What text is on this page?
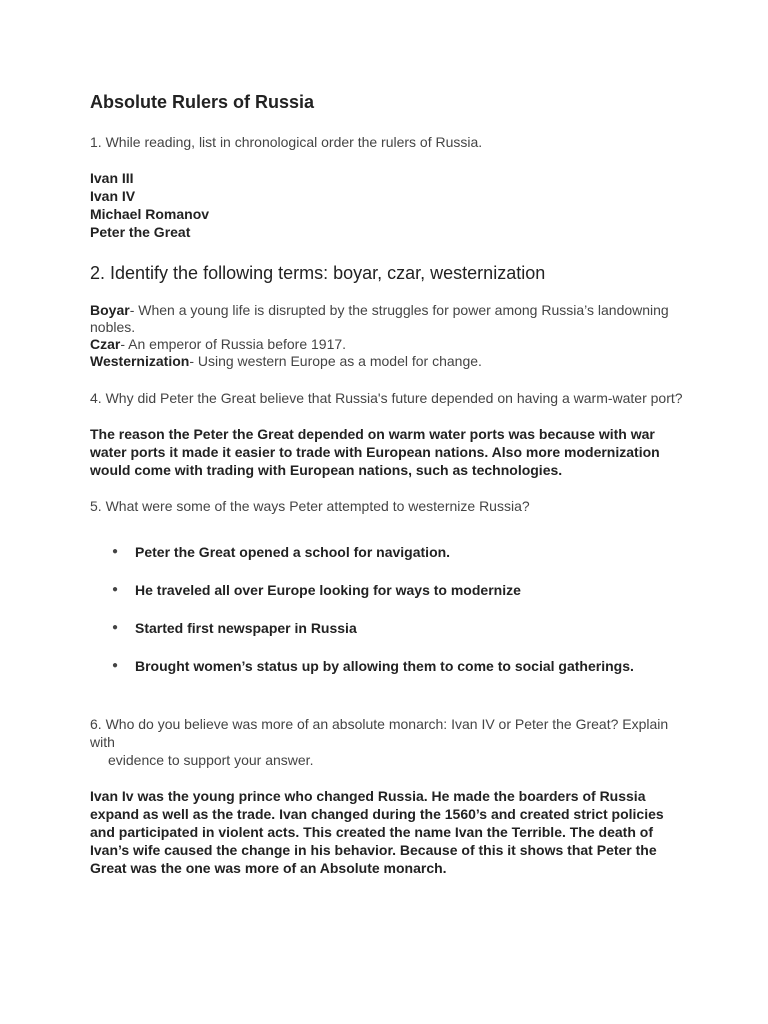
Absolute Rulers of Russia

1. While reading, list in chronological order the rulers of Russia.

Ivan III
Ivan IV
Michael Romanov
Peter the Great
2. Identify the following terms: boyar, czar, westernization
Boyar- When a young life is disrupted by the struggles for power among Russia’s landowning nobles.
Czar- An emperor of Russia before 1917.
Westernization- Using western Europe as a model for change.

4. Why did Peter the Great believe that Russia's future depended on having a warm-water port?

The reason the Peter the Great depended on warm water ports was because with war water ports it made it easier to trade with European nations. Also more modernization would come with trading with European nations, such as technologies.

5. What were some of the ways Peter attempted to westernize Russia?

● Peter the Great opened a school for navigation.
● He traveled all over Europe looking for ways to modernize
● Started first newspaper in Russia
● Brought women’s status up by allowing them to come to social gatherings.

6. Who do you believe was more of an absolute monarch: Ivan IV or Peter the Great? Explain with

evidence to support your answer.

Ivan Iv was the young prince who changed Russia. He made the boarders of Russia expand as well as the trade. Ivan changed during the 1560’s and created strict policies and participated in violent acts. This created the name Ivan the Terrible. The death of Ivan’s wife caused the change in his behavior. Because of this it shows that Peter the Great was the one was more of an Absolute monarch.
